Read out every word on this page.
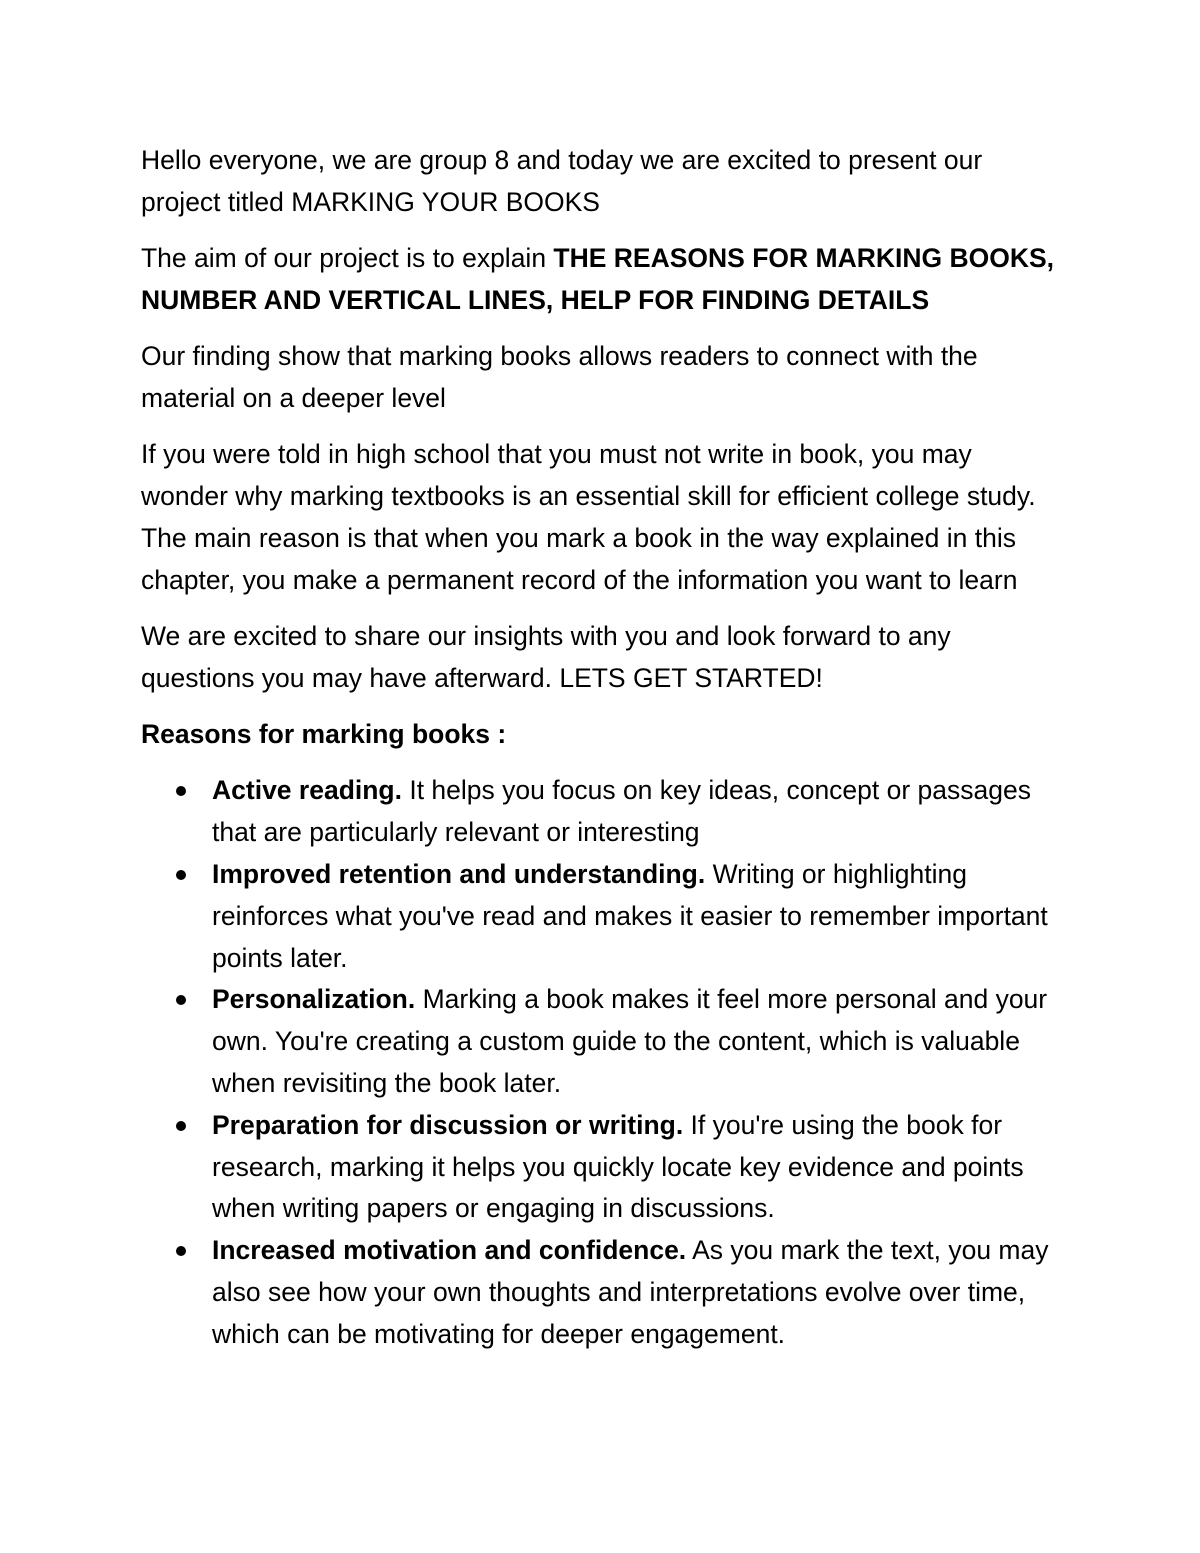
Hello everyone, we are group 8 and today we are excited to present our project titled MARKING YOUR BOOKS

The aim of our project is to explain THE REASONS FOR MARKING BOOKS, NUMBER AND VERTICAL LINES, HELP FOR FINDING DETAILS

Our finding show that marking books allows readers to connect with the material on a deeper level

If you were told in high school that you must not write in book, you may wonder why marking textbooks is an essential skill for efficient college study. The main reason is that when you mark a book in the way explained in this chapter, you make a permanent record of the information you want to learn

We are excited to share our insights with you and look forward to any questions you may have afterward. LETS GET STARTED!

Reasons for marking books :

Active reading. It helps you focus on key ideas, concept or passages that are particularly relevant or interesting
Improved retention and understanding. Writing or highlighting reinforces what you've read and makes it easier to remember important points later.
Personalization. Marking a book makes it feel more personal and your own. You're creating a custom guide to the content, which is valuable when revisiting the book later.
Preparation for discussion or writing. If you're using the book for research, marking it helps you quickly locate key evidence and points when writing papers or engaging in discussions.
Increased motivation and confidence. As you mark the text, you may also see how your own thoughts and interpretations evolve over time, which can be motivating for deeper engagement.
